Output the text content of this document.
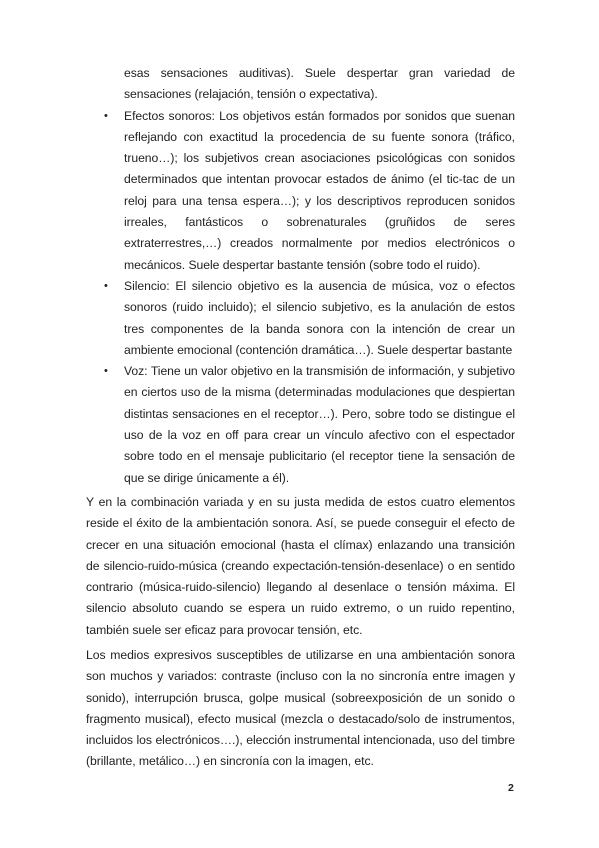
esas sensaciones auditivas). Suele despertar gran variedad de sensaciones (relajación, tensión o expectativa).
• Efectos sonoros: Los objetivos están formados por sonidos que suenan reflejando con exactitud la procedencia de su fuente sonora (tráfico, trueno…); los subjetivos crean asociaciones psicológicas con sonidos determinados que intentan provocar estados de ánimo (el tic-tac de un reloj para una tensa espera…); y los descriptivos reproducen sonidos irreales, fantásticos o sobrenaturales (gruñidos de seres extraterrestres,…) creados normalmente por medios electrónicos o mecánicos. Suele despertar bastante tensión (sobre todo el ruido).
• Silencio: El silencio objetivo es la ausencia de música, voz o efectos sonoros (ruido incluido); el silencio subjetivo, es la anulación de estos tres componentes de la banda sonora con la intención de crear un ambiente emocional (contención dramática…). Suele despertar bastante
• Voz: Tiene un valor objetivo en la transmisión de información, y subjetivo en ciertos uso de la misma (determinadas modulaciones que despiertan distintas sensaciones en el receptor…). Pero, sobre todo se distingue el uso de la voz en off para crear un vínculo afectivo con el espectador sobre todo en el mensaje publicitario (el receptor tiene la sensación de que se dirige únicamente a él).

Y en la combinación variada y en su justa medida de estos cuatro elementos reside el éxito de la ambientación sonora. Así, se puede conseguir el efecto de crecer en una situación emocional (hasta el clímax) enlazando una transición de silencio-ruido-música (creando expectación-tensión-desenlace) o en sentido contrario (música-ruido-silencio) llegando al desenlace o tensión máxima. El silencio absoluto cuando se espera un ruido extremo, o un ruido repentino, también suele ser eficaz para provocar tensión, etc.

Los medios expresivos susceptibles de utilizarse en una ambientación sonora son muchos y variados: contraste (incluso con la no sincronía entre imagen y sonido), interrupción brusca, golpe musical (sobreexposición de un sonido o fragmento musical), efecto musical (mezcla o destacado/solo de instrumentos, incluidos los electrónicos….), elección instrumental intencionada, uso del timbre (brillante, metálico…) en sincronía con la imagen, etc.

2
